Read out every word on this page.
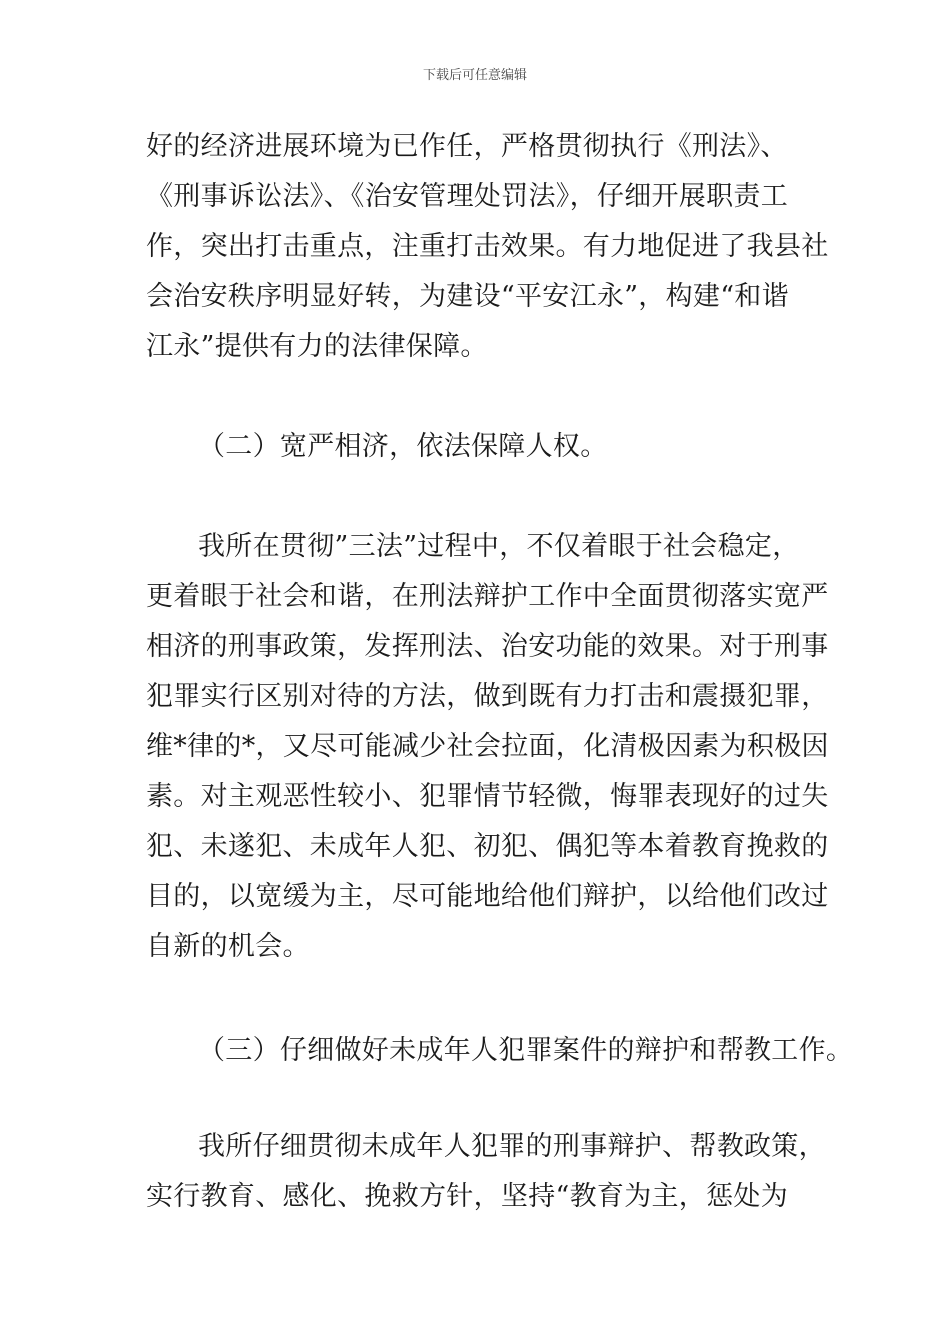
下载后可任意编辑
好的经济进展环境为已作任，严格贯彻执行《刑法》、
《刑事诉讼法》、《治安管理处罚法》，仔细开展职责工
作，突出打击重点，注重打击效果。有力地促进了我县社
会治安秩序明显好转，为建设“平安江永”，构建“和谐
江永”提供有力的法律保障。
（二）宽严相济，依法保障人权。
我所在贯彻”三法”过程中，不仅着眼于社会稳定，
更着眼于社会和谐，在刑法辩护工作中全面贯彻落实宽严
相济的刑事政策，发挥刑法、治安功能的效果。对于刑事
犯罪实行区别对待的方法，做到既有力打击和震摄犯罪，
维*律的*，又尽可能减少社会拉面，化清极因素为积极因
素。对主观恶性较小、犯罪情节轻微，悔罪表现好的过失
犯、未遂犯、未成年人犯、初犯、偶犯等本着教育挽救的
目的，以宽缓为主，尽可能地给他们辩护，以给他们改过
自新的机会。
（三）仔细做好未成年人犯罪案件的辩护和帮教工作。
我所仔细贯彻未成年人犯罪的刑事辩护、帮教政策，
实行教育、感化、挽救方针，坚持“教育为主，惩处为
